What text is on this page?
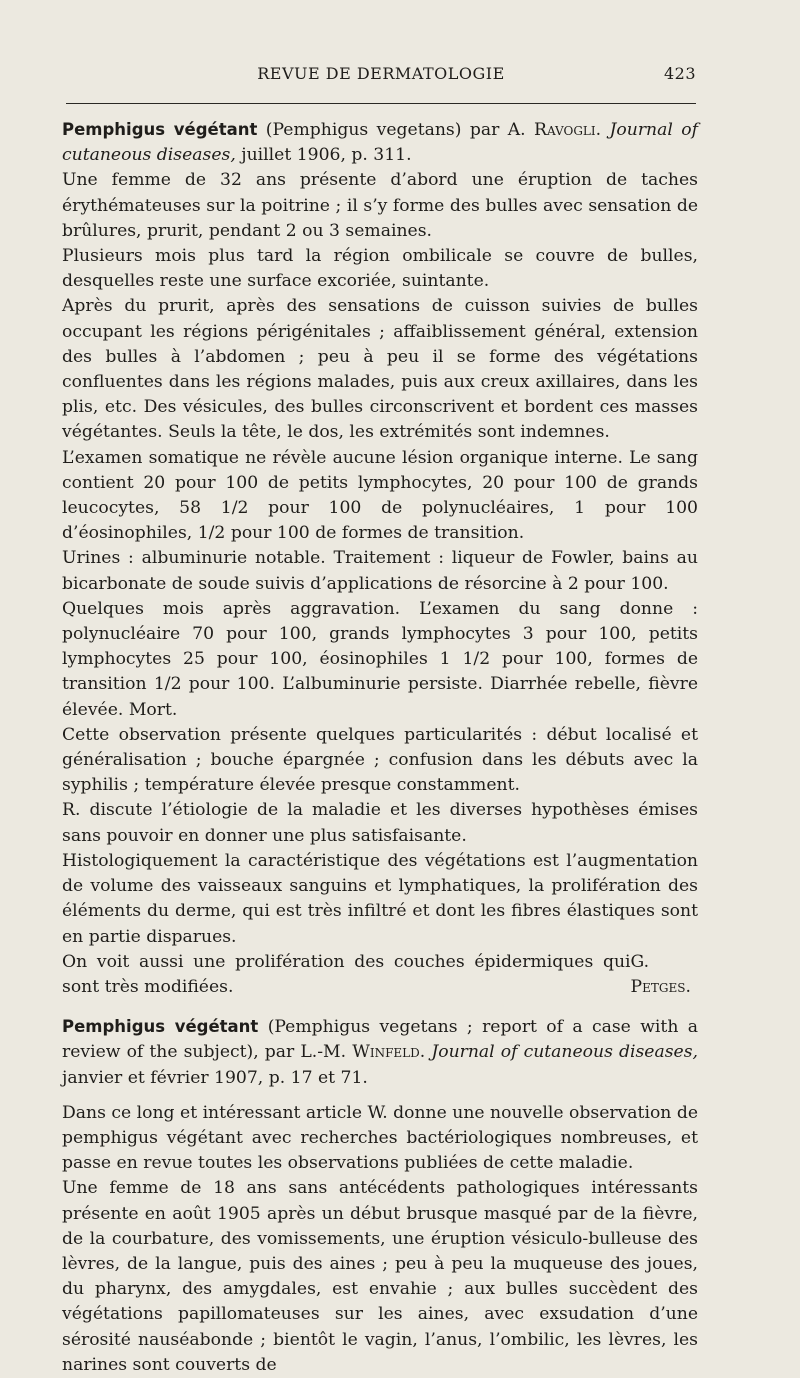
REVUE DE DERMATOLOGIE	423

Pemphigus végétant (Pemphigus vegetans) par A. Ravogli. Journal of cutaneous diseases, juillet 1906, p. 311.

Une femme de 32 ans présente d’abord une éruption de taches érythémateuses sur la poitrine ; il s’y forme des bulles avec sensation de brûlures, prurit, pendant 2 ou 3 semaines.

Plusieurs mois plus tard la région ombilicale se couvre de bulles, desquelles reste une surface excoriée, suintante.

Après du prurit, après des sensations de cuisson suivies de bulles occupant les régions périgénitales ; affaiblissement général, extension des bulles à l’abdomen ; peu à peu il se forme des végétations confluentes dans les régions malades, puis aux creux axillaires, dans les plis, etc. Des vésicules, des bulles circonscrivent et bordent ces masses végétantes. Seuls la tête, le dos, les extrémités sont indemnes.

L’examen somatique ne révèle aucune lésion organique interne. Le sang contient 20 pour 100 de petits lymphocytes, 20 pour 100 de grands leucocytes, 58 1/2 pour 100 de polynucléaires, 1 pour 100 d’éosinophiles, 1/2 pour 100 de formes de transition.

Urines : albuminurie notable. Traitement : liqueur de Fowler, bains au bicarbonate de soude suivis d’applications de résorcine à 2 pour 100.

Quelques mois après aggravation. L’examen du sang donne : polynucléaire 70 pour 100, grands lymphocytes 3 pour 100, petits lymphocytes 25 pour 100, éosinophiles 1 1/2 pour 100, formes de transition 1/2 pour 100. L’albuminurie persiste. Diarrhée rebelle, fièvre élevée. Mort.

Cette observation présente quelques particularités : début localisé et généralisation ; bouche épargnée ; confusion dans les débuts avec la syphilis ; température élevée presque constamment.

R. discute l’étiologie de la maladie et les diverses hypothèses émises sans pouvoir en donner une plus satisfaisante.

Histologiquement la caractéristique des végétations est l’augmentation de volume des vaisseaux sanguins et lymphatiques, la prolifération des éléments du derme, qui est très infiltré et dont les fibres élastiques sont en partie disparues.

On voit aussi une prolifération des couches épidermiques qui sont très modifiées.
G. Petges.

Pemphigus végétant (Pemphigus vegetans ; report of a case with a review of the subject), par L.-M. Winfeld. Journal of cutaneous diseases, janvier et février 1907, p. 17 et 71.

Dans ce long et intéressant article W. donne une nouvelle observation de pemphigus végétant avec recherches bactériologiques nombreuses, et passe en revue toutes les observations publiées de cette maladie.

Une femme de 18 ans sans antécédents pathologiques intéressants présente en août 1905 après un début brusque masqué par de la fièvre, de la courbature, des vomissements, une éruption vésiculo-bulleuse des lèvres, de la langue, puis des aines ; peu à peu la muqueuse des joues, du pharynx, des amygdales, est envahie ; aux bulles succèdent des végétations papillomateuses sur les aines, avec exsudation d’une sérosité nauséabonde ; bientôt le vagin, l’anus, l’ombilic, les lèvres, les narines sont couverts de
